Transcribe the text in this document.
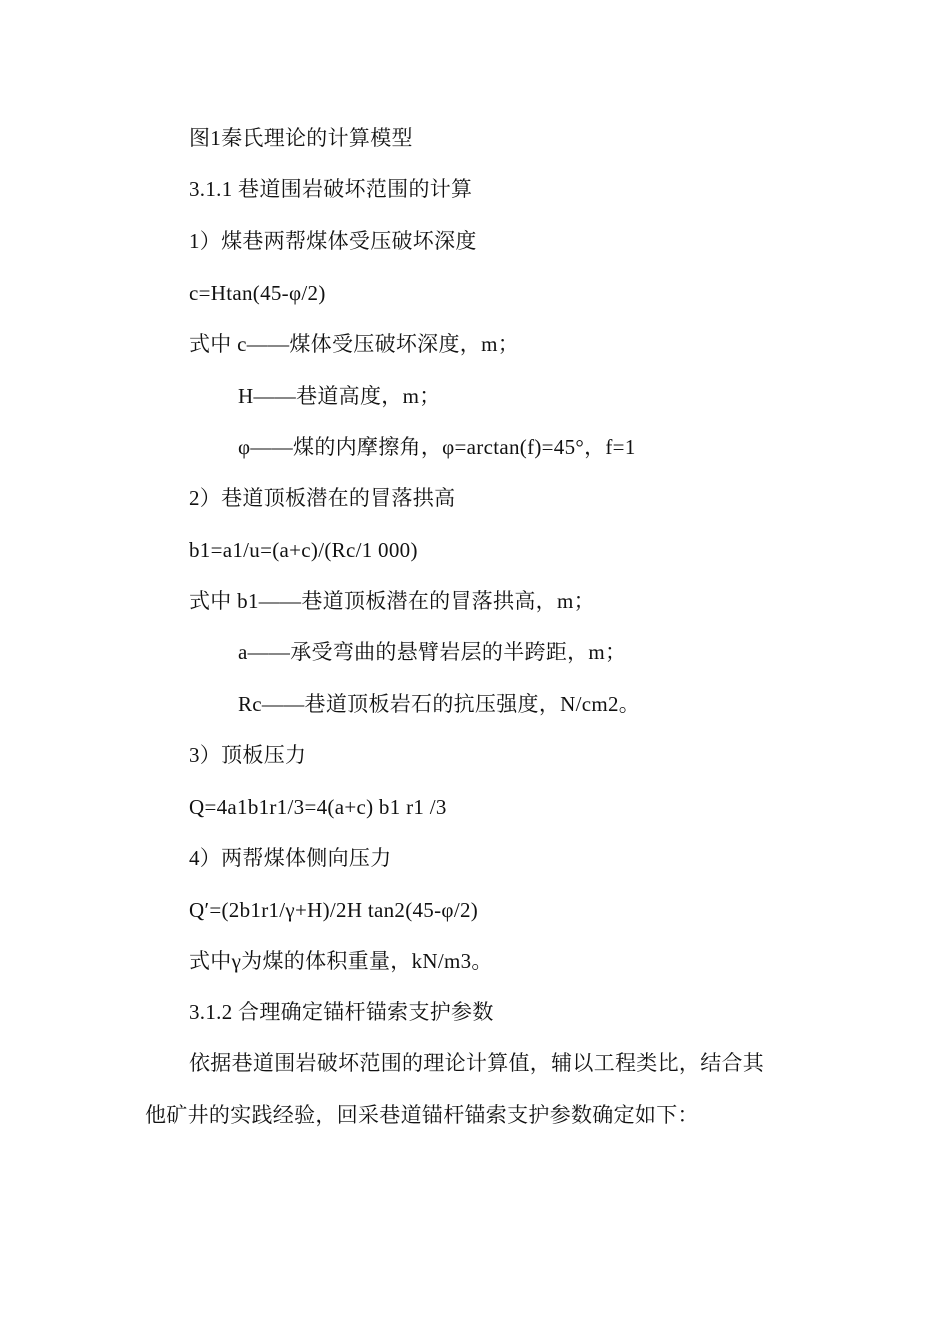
图1秦氏理论的计算模型
3.1.1 巷道围岩破坏范围的计算
1）煤巷两帮煤体受压破坏深度
c=Htan(45-φ/2)
式中 c——煤体受压破坏深度，m；
H——巷道高度，m；
φ——煤的内摩擦角，φ=arctan(f)=45°，f=1
2）巷道顶板潜在的冒落拱高
b1=a1/u=(a+c)/(Rc/1 000)
式中 b1——巷道顶板潜在的冒落拱高，m；
a——承受弯曲的悬臂岩层的半跨距，m；
Rc——巷道顶板岩石的抗压强度，N/cm2。
3）顶板压力
Q=4a1b1r1/3=4(a+c) b1 r1 /3
4）两帮煤体侧向压力
Q′=(2b1r1/γ+H)/2H tan2(45-φ/2)
式中γ为煤的体积重量，kN/m3。
3.1.2 合理确定锚杆锚索支护参数
依据巷道围岩破坏范围的理论计算值，辅以工程类比，结合其
他矿井的实践经验，回采巷道锚杆锚索支护参数确定如下：
